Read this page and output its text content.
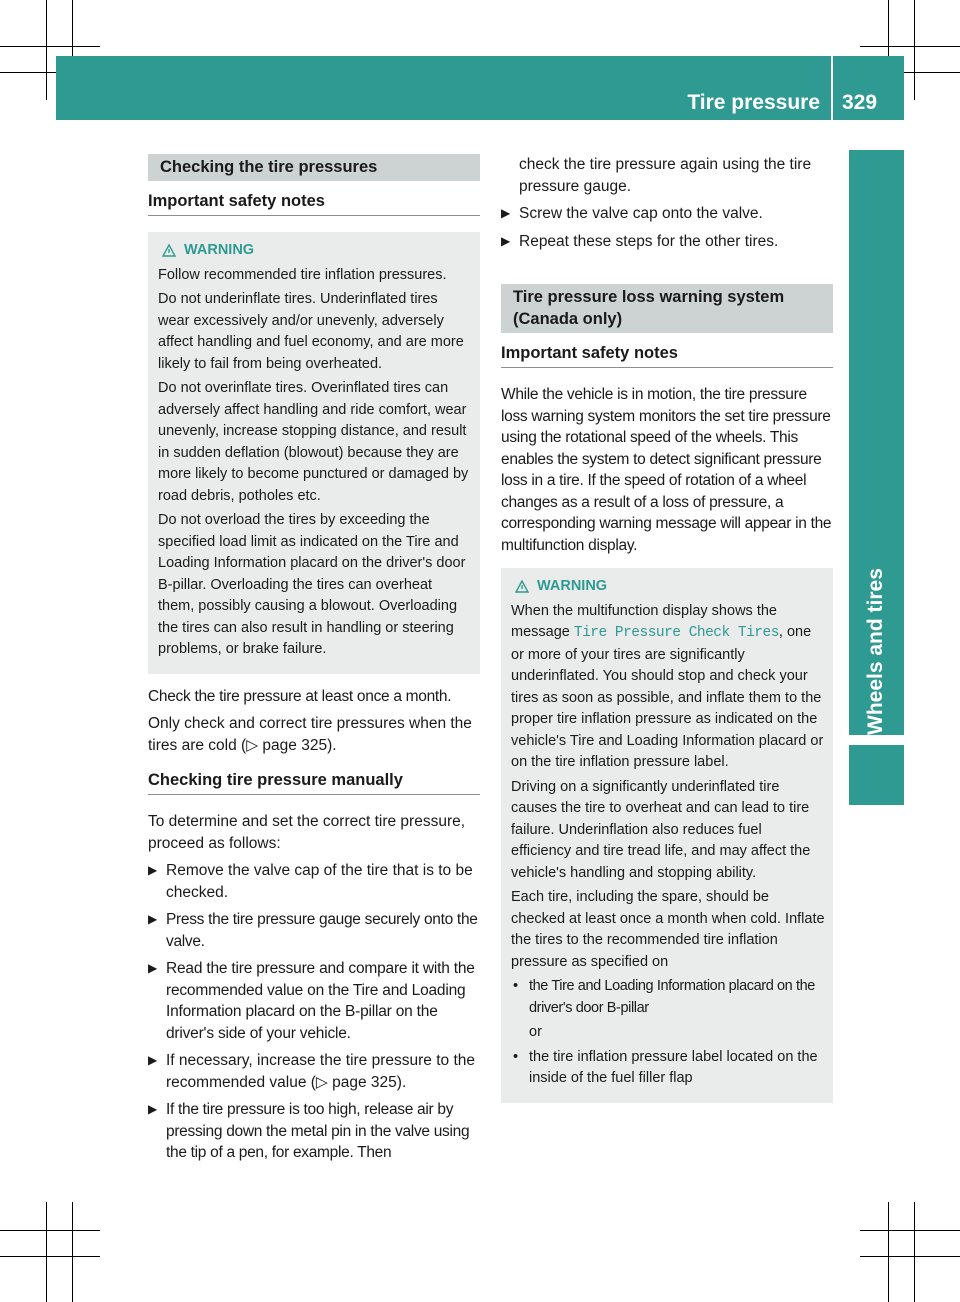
Tire pressure 329
Wheels and tires
Checking the tire pressures
Important safety notes
WARNING

Follow recommended tire inflation pressures.

Do not underinflate tires. Underinflated tires wear excessively and/or unevenly, adversely affect handling and fuel economy, and are more likely to fail from being overheated.

Do not overinflate tires. Overinflated tires can adversely affect handling and ride comfort, wear unevenly, increase stopping distance, and result in sudden deflation (blowout) because they are more likely to become punctured or damaged by road debris, potholes etc.

Do not overload the tires by exceeding the specified load limit as indicated on the Tire and Loading Information placard on the driver's door B-pillar. Overloading the tires can overheat them, possibly causing a blowout. Overloading the tires can also result in handling or steering problems, or brake failure.

Check the tire pressure at least once a month.

Only check and correct tire pressures when the tires are cold (▷ page 325).

Checking tire pressure manually

To determine and set the correct tire pressure, proceed as follows:

▶ Remove the valve cap of the tire that is to be checked.
▶ Press the tire pressure gauge securely onto the valve.
▶ Read the tire pressure and compare it with the recommended value on the Tire and Loading Information placard on the B-pillar on the driver's side of your vehicle.
▶ If necessary, increase the tire pressure to the recommended value (▷ page 325).
▶ If the tire pressure is too high, release air by pressing down the metal pin in the valve using the tip of a pen, for example. Then
check the tire pressure again using the tire pressure gauge.
▶ Screw the valve cap onto the valve.
▶ Repeat these steps for the other tires.
Tire pressure loss warning system (Canada only)
Important safety notes

While the vehicle is in motion, the tire pressure loss warning system monitors the set tire pressure using the rotational speed of the wheels. This enables the system to detect significant pressure loss in a tire. If the speed of rotation of a wheel changes as a result of a loss of pressure, a corresponding warning message will appear in the multifunction display.

WARNING

When the multifunction display shows the message Tire Pressure Check Tires, one or more of your tires are significantly underinflated. You should stop and check your tires as soon as possible, and inflate them to the proper tire inflation pressure as indicated on the vehicle's Tire and Loading Information placard or on the tire inflation pressure label.

Driving on a significantly underinflated tire causes the tire to overheat and can lead to tire failure. Underinflation also reduces fuel efficiency and tire tread life, and may affect the vehicle's handling and stopping ability.

Each tire, including the spare, should be checked at least once a month when cold. Inflate the tires to the recommended tire inflation pressure as specified on

• the Tire and Loading Information placard on the driver's door B-pillar
or
• the tire inflation pressure label located on the inside of the fuel filler flap
